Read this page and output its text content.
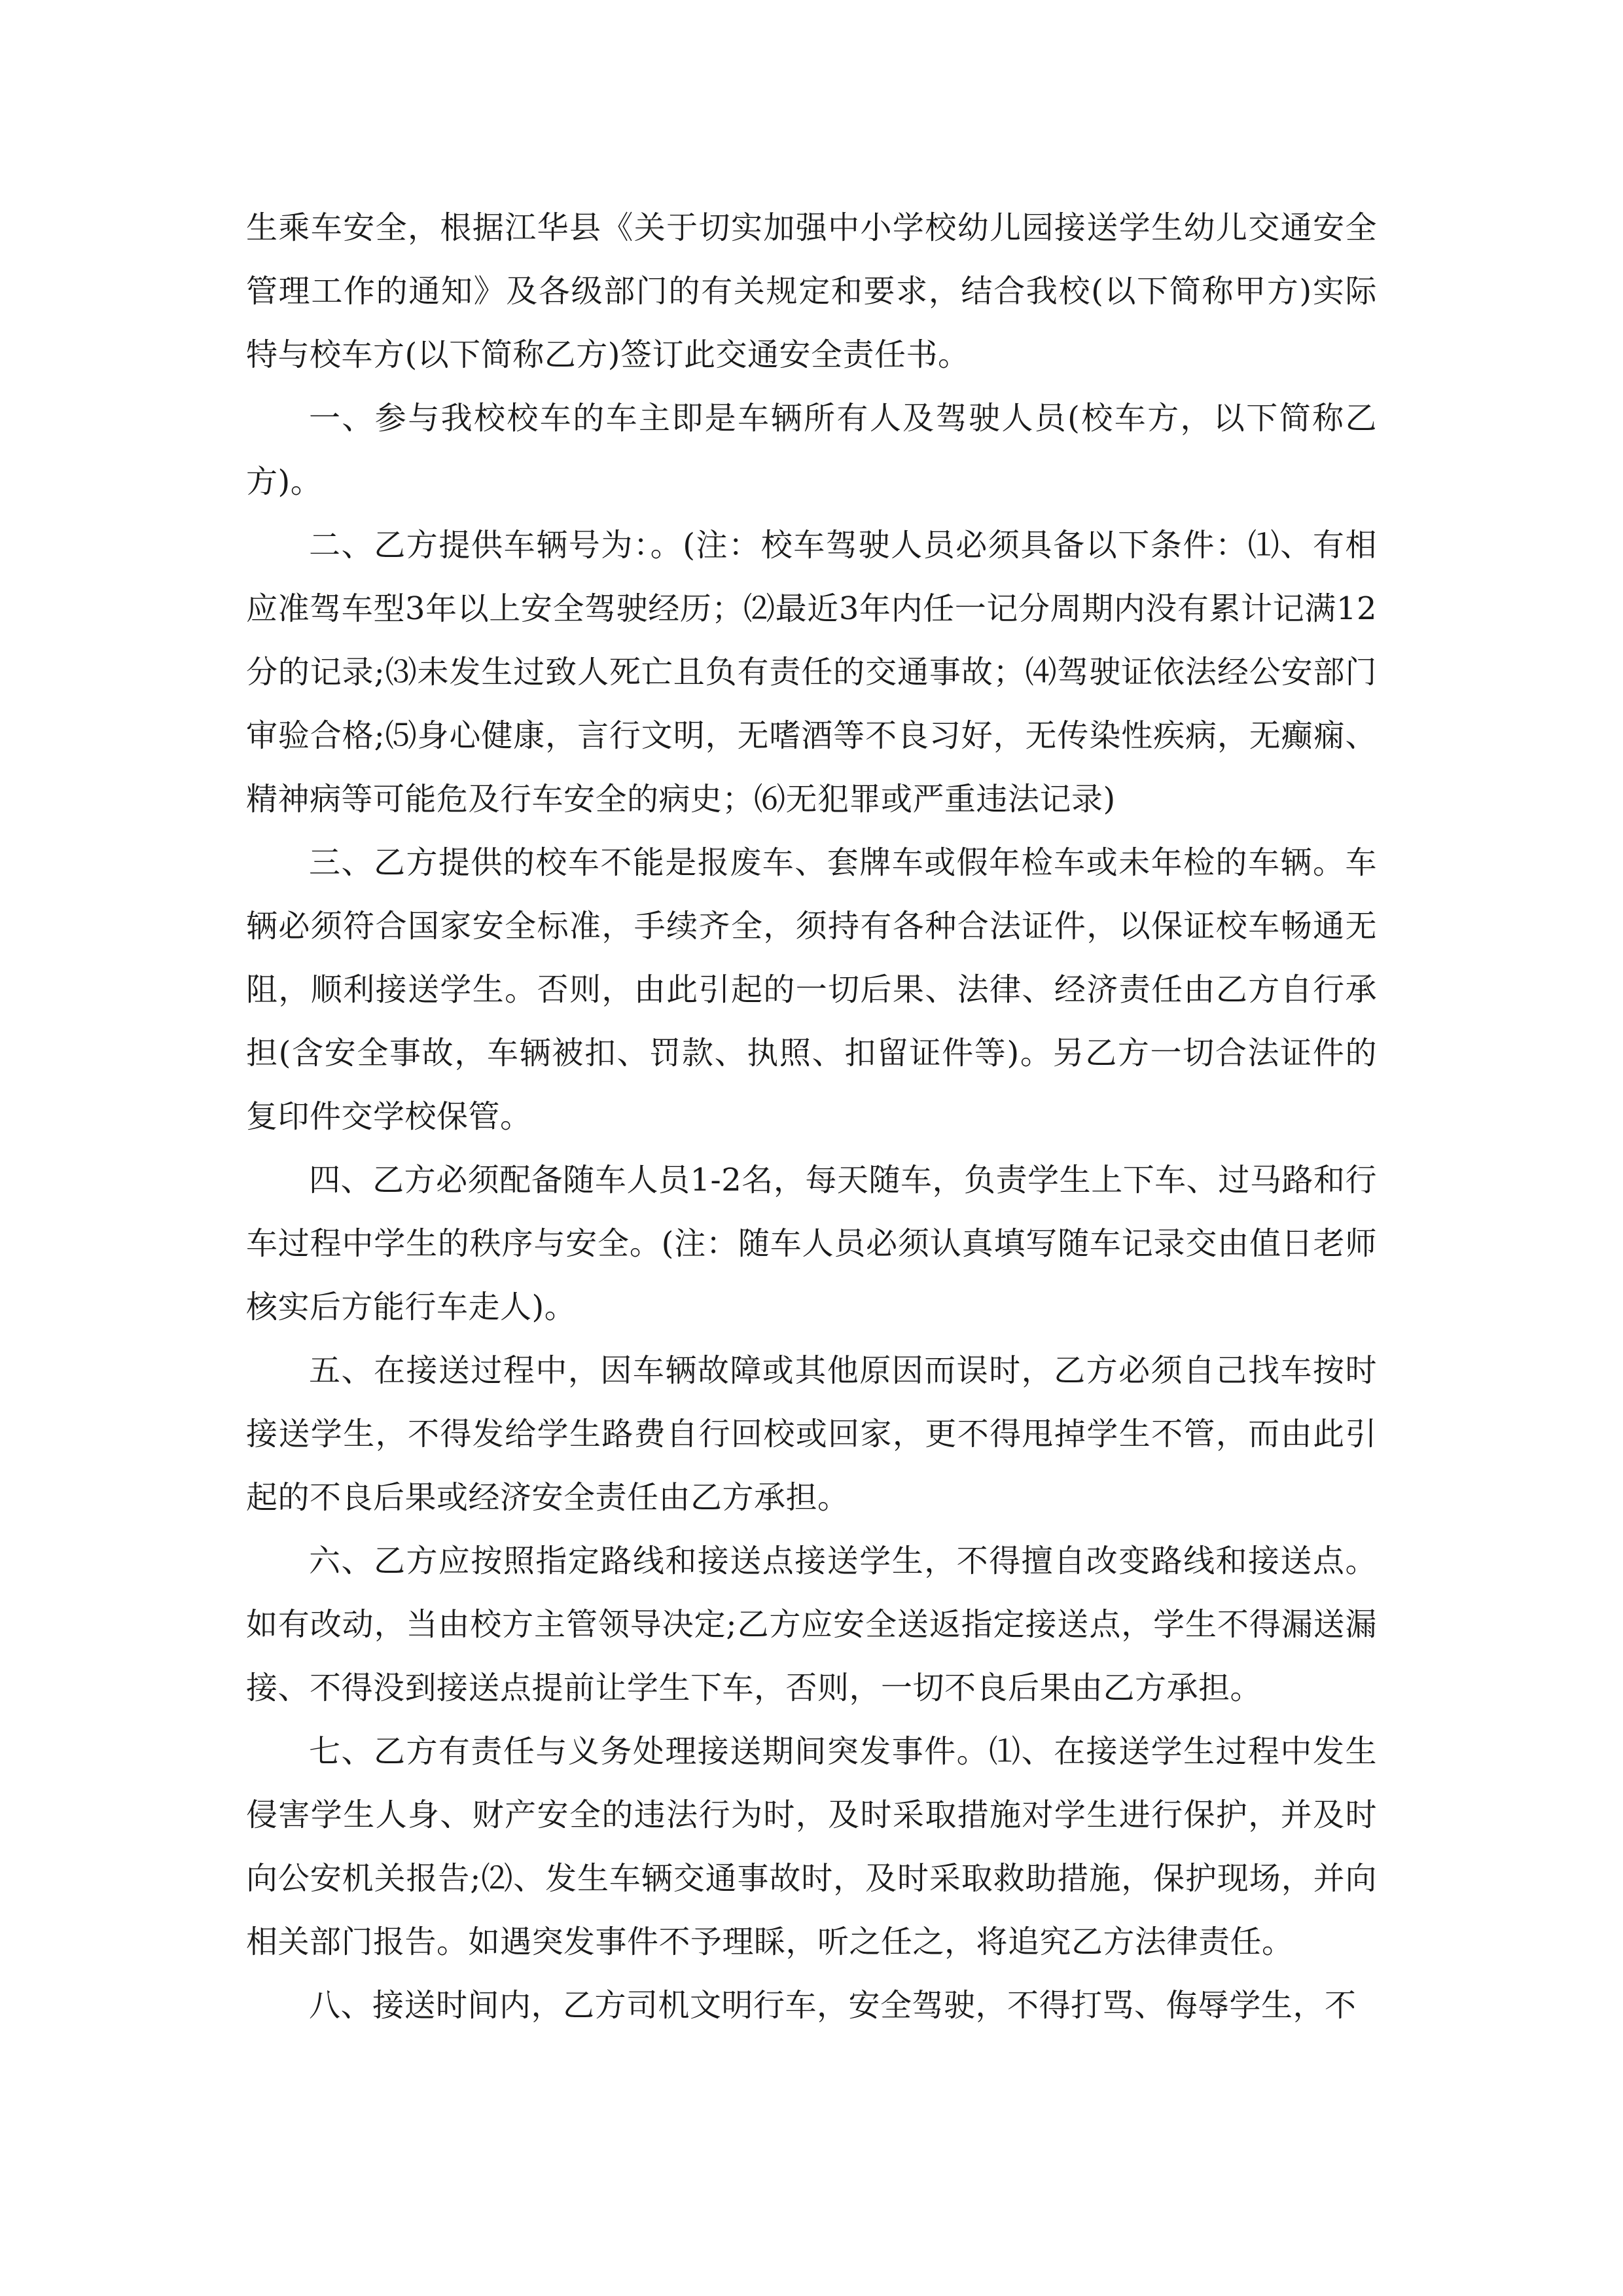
生乘车安全，根据江华县《关于切实加强中小学校幼儿园接送学生幼儿交通安全管理工作的通知》及各级部门的有关规定和要求，结合我校(以下简称甲方)实际特与校车方(以下简称乙方)签订此交通安全责任书。

一、参与我校校车的车主即是车辆所有人及驾驶人员(校车方，以下简称乙方)。

二、乙方提供车辆号为：。(注：校车驾驶人员必须具备以下条件：⑴、有相应准驾车型3年以上安全驾驶经历；⑵最近3年内任一记分周期内没有累计记满12分的记录;⑶未发生过致人死亡且负有责任的交通事故；⑷驾驶证依法经公安部门审验合格;⑸身心健康，言行文明，无嗜酒等不良习好，无传染性疾病，无癫痫、精神病等可能危及行车安全的病史；⑹无犯罪或严重违法记录)

三、乙方提供的校车不能是报废车、套牌车或假年检车或未年检的车辆。车辆必须符合国家安全标准，手续齐全，须持有各种合法证件，以保证校车畅通无阻，顺利接送学生。否则，由此引起的一切后果、法律、经济责任由乙方自行承担(含安全事故，车辆被扣、罚款、执照、扣留证件等)。另乙方一切合法证件的复印件交学校保管。

四、乙方必须配备随车人员1-2名，每天随车，负责学生上下车、过马路和行车过程中学生的秩序与安全。(注：随车人员必须认真填写随车记录交由值日老师核实后方能行车走人)。

五、在接送过程中，因车辆故障或其他原因而误时，乙方必须自己找车按时接送学生，不得发给学生路费自行回校或回家，更不得甩掉学生不管，而由此引起的不良后果或经济安全责任由乙方承担。

六、乙方应按照指定路线和接送点接送学生，不得擅自改变路线和接送点。如有改动，当由校方主管领导决定;乙方应安全送返指定接送点，学生不得漏送漏接、不得没到接送点提前让学生下车，否则，一切不良后果由乙方承担。

七、乙方有责任与义务处理接送期间突发事件。⑴、在接送学生过程中发生侵害学生人身、财产安全的违法行为时，及时采取措施对学生进行保护，并及时向公安机关报告;⑵、发生车辆交通事故时，及时采取救助措施，保护现场，并向相关部门报告。如遇突发事件不予理睬，听之任之，将追究乙方法律责任。

八、接送时间内，乙方司机文明行车，安全驾驶，不得打骂、侮辱学生，不
